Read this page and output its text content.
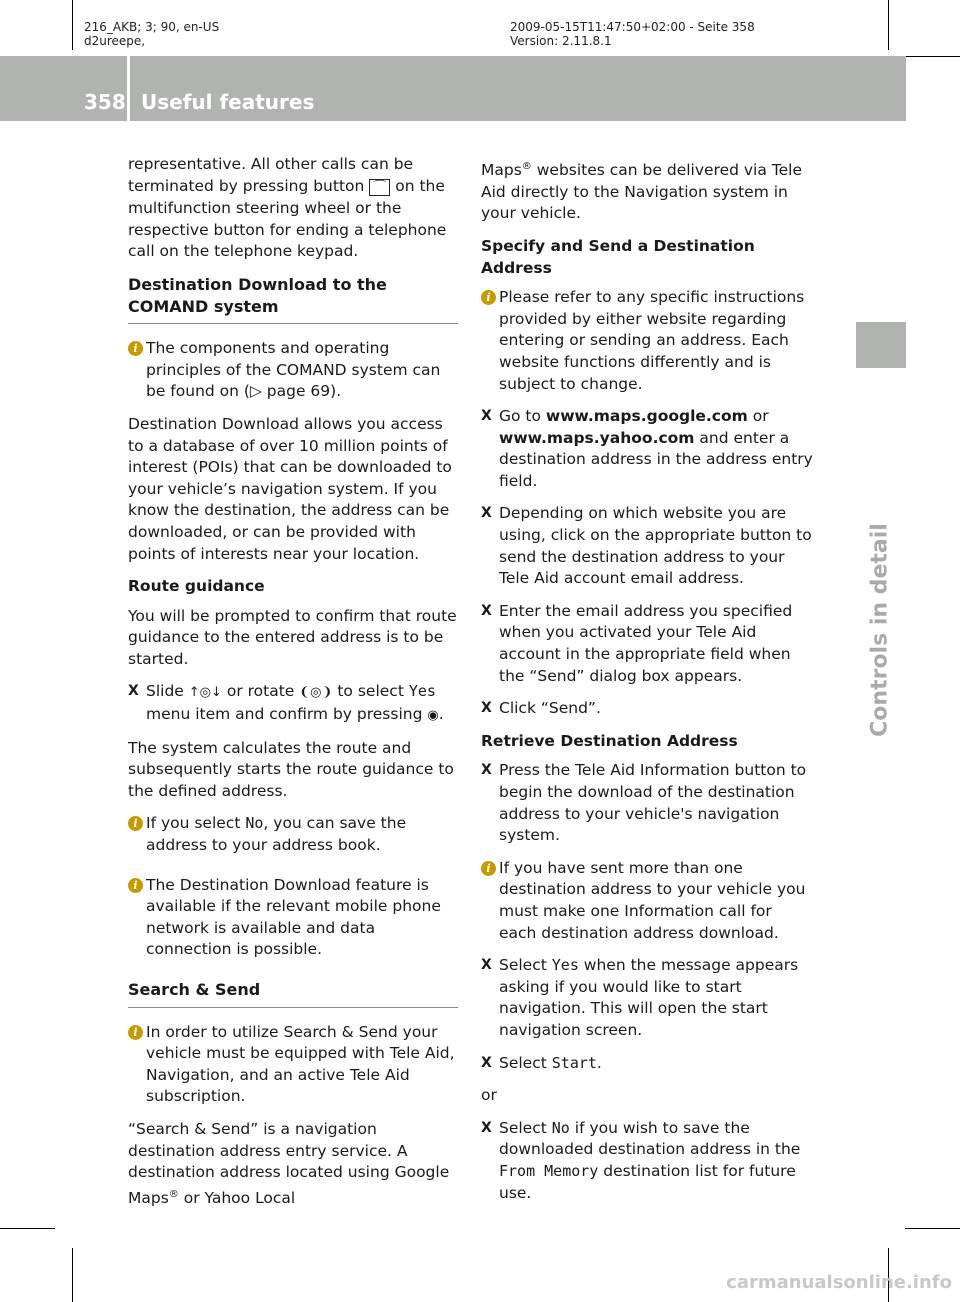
216_AKB; 3; 90, en-US
d2ureepe,
2009-05-15T11:47:50+02:00 - Seite 358
Version: 2.11.8.1
358 Useful features
Controls in detail

representative. All other calls can be terminated by pressing button ⌒ on the multifunction steering wheel or the respective button for ending a telephone call on the telephone keypad.

Destination Download to the COMAND system
i The components and operating principles of the COMAND system can be found on (▷ page 69).

Destination Download allows you access to a database of over 10 million points of interest (POIs) that can be downloaded to your vehicle’s navigation system. If you know the destination, the address can be downloaded, or can be provided with points of interests near your location.

Route guidance

You will be prompted to confirm that route guidance to the entered address is to be started.

X Slide ↑◎↓ or rotate ❨◎❩ to select Yes menu item and confirm by pressing ◉.

The system calculates the route and subsequently starts the route guidance to the defined address.

i If you select No, you can save the address to your address book.
i The Destination Download feature is available if the relevant mobile phone network is available and data connection is possible.
Search & Send
i In order to utilize Search & Send your vehicle must be equipped with Tele Aid, Navigation, and an active Tele Aid subscription.

“Search & Send” is a navigation destination address entry service. A destination address located using Google Maps® or Yahoo Local

Maps® websites can be delivered via Tele Aid directly to the Navigation system in your vehicle.

Specify and Send a Destination Address
i Please refer to any specific instructions provided by either website regarding entering or sending an address. Each website functions differently and is subject to change.
X Go to www.maps.google.com or www.maps.yahoo.com and enter a destination address in the address entry field.
X Depending on which website you are using, click on the appropriate button to send the destination address to your Tele Aid account email address.
X Enter the email address you specified when you activated your Tele Aid account in the appropriate field when the “Send” dialog box appears.
X Click “Send”.
Retrieve Destination Address
X Press the Tele Aid Information button to begin the download of the destination address to your vehicle's navigation system.
i If you have sent more than one destination address to your vehicle you must make one Information call for each destination address download.
X Select Yes when the message appears asking if you would like to start navigation. This will open the start navigation screen.
X Select Start.

or

X Select No if you wish to save the downloaded destination address in the From Memory destination list for future use.
carmanualsonline.info
